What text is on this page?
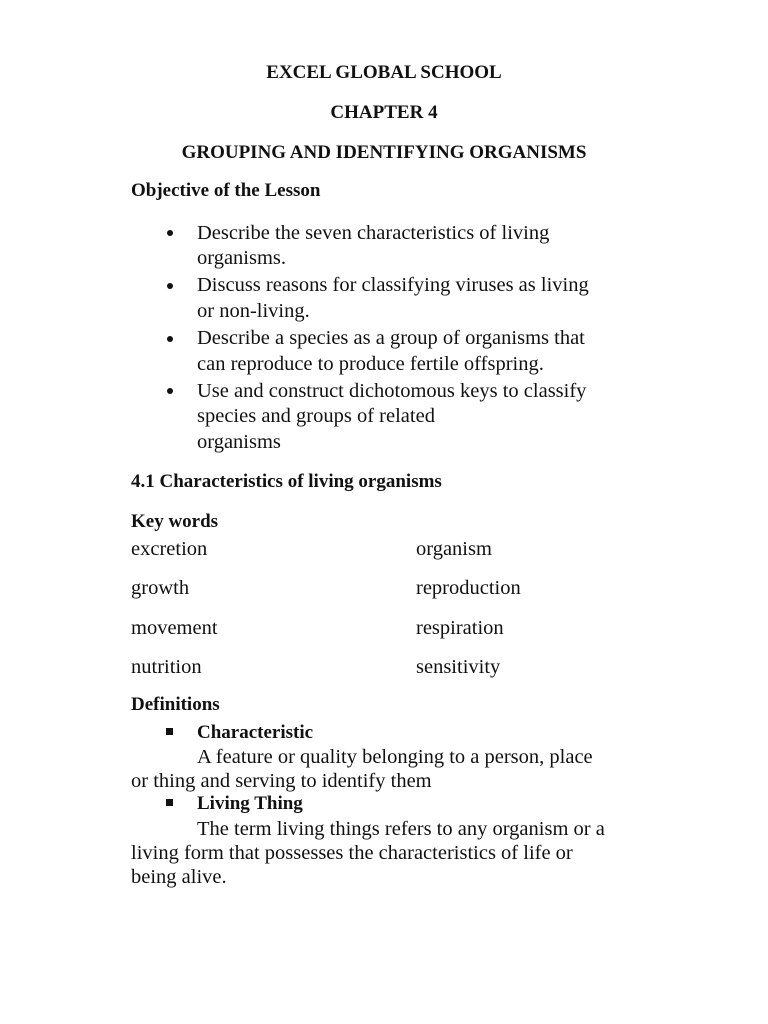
EXCEL GLOBAL SCHOOL
CHAPTER 4
GROUPING AND IDENTIFYING ORGANISMS
Objective of the Lesson
Describe the seven characteristics of living
organisms.
Discuss reasons for classifying viruses as living
or non-living.
Describe a species as a group of organisms that
can reproduce to produce fertile offspring.
Use and construct dichotomous keys to classify
species and groups of related
organisms
4.1 Characteristics of living organisms
Key words
excretion	organism
growth	reproduction
movement	respiration
nutrition	sensitivity
Definitions
Characteristic
A feature or quality belonging to a person, place
or thing and serving to identify them
Living Thing
The term living things refers to any organism or a
living form that possesses the characteristics of life or
being alive.
